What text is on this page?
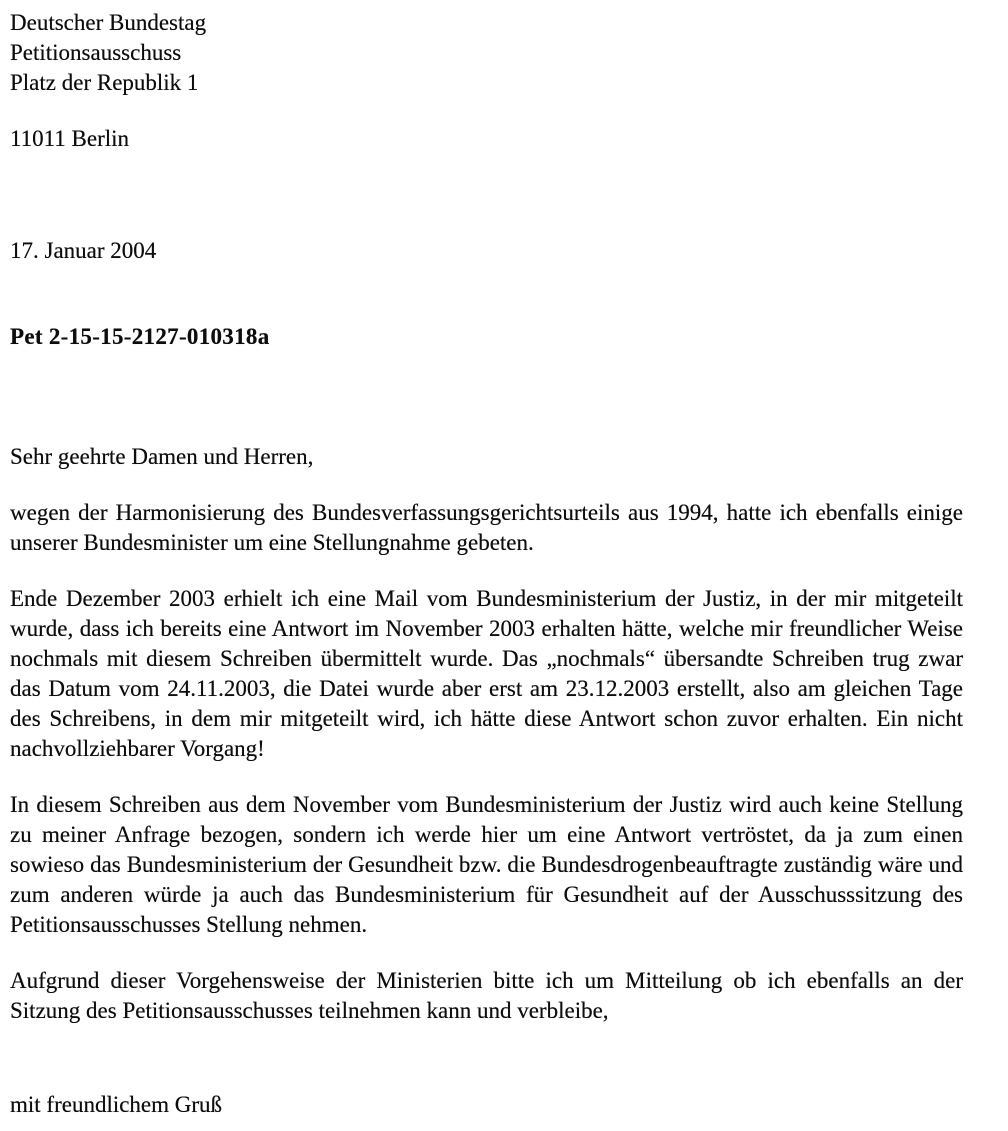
Deutscher Bundestag
Petitionsausschuss
Platz der Republik 1
11011 Berlin
17. Januar 2004
Pet 2-15-15-2127-010318a
Sehr geehrte Damen und Herren,

wegen der Harmonisierung des Bundesverfassungsgerichtsurteils aus 1994, hatte ich ebenfalls einige unserer Bundesminister um eine Stellungnahme gebeten.

Ende Dezember 2003 erhielt ich eine Mail vom Bundesministerium der Justiz, in der mir mitgeteilt wurde, dass ich bereits eine Antwort im November 2003 erhalten hätte, welche mir freundlicher Weise nochmals mit diesem Schreiben übermittelt wurde. Das „nochmals“ übersandte Schreiben trug zwar das Datum vom 24.11.2003, die Datei wurde aber erst am 23.12.2003 erstellt, also am gleichen Tage des Schreibens, in dem mir mitgeteilt wird, ich hätte diese Antwort schon zuvor erhalten. Ein nicht nachvollziehbarer Vorgang!

In diesem Schreiben aus dem November vom Bundesministerium der Justiz wird auch keine Stellung zu meiner Anfrage bezogen, sondern ich werde hier um eine Antwort vertröstet, da ja zum einen sowieso das Bundesministerium der Gesundheit bzw. die Bundesdrogenbeauftragte zuständig wäre und zum anderen würde ja auch das Bundesministerium für Gesundheit auf der Ausschusssitzung des Petitionsausschusses Stellung nehmen.

Aufgrund dieser Vorgehensweise der Ministerien bitte ich um Mitteilung ob ich ebenfalls an der Sitzung des Petitionsausschusses teilnehmen kann und verbleibe,

mit freundlichem Gruß
